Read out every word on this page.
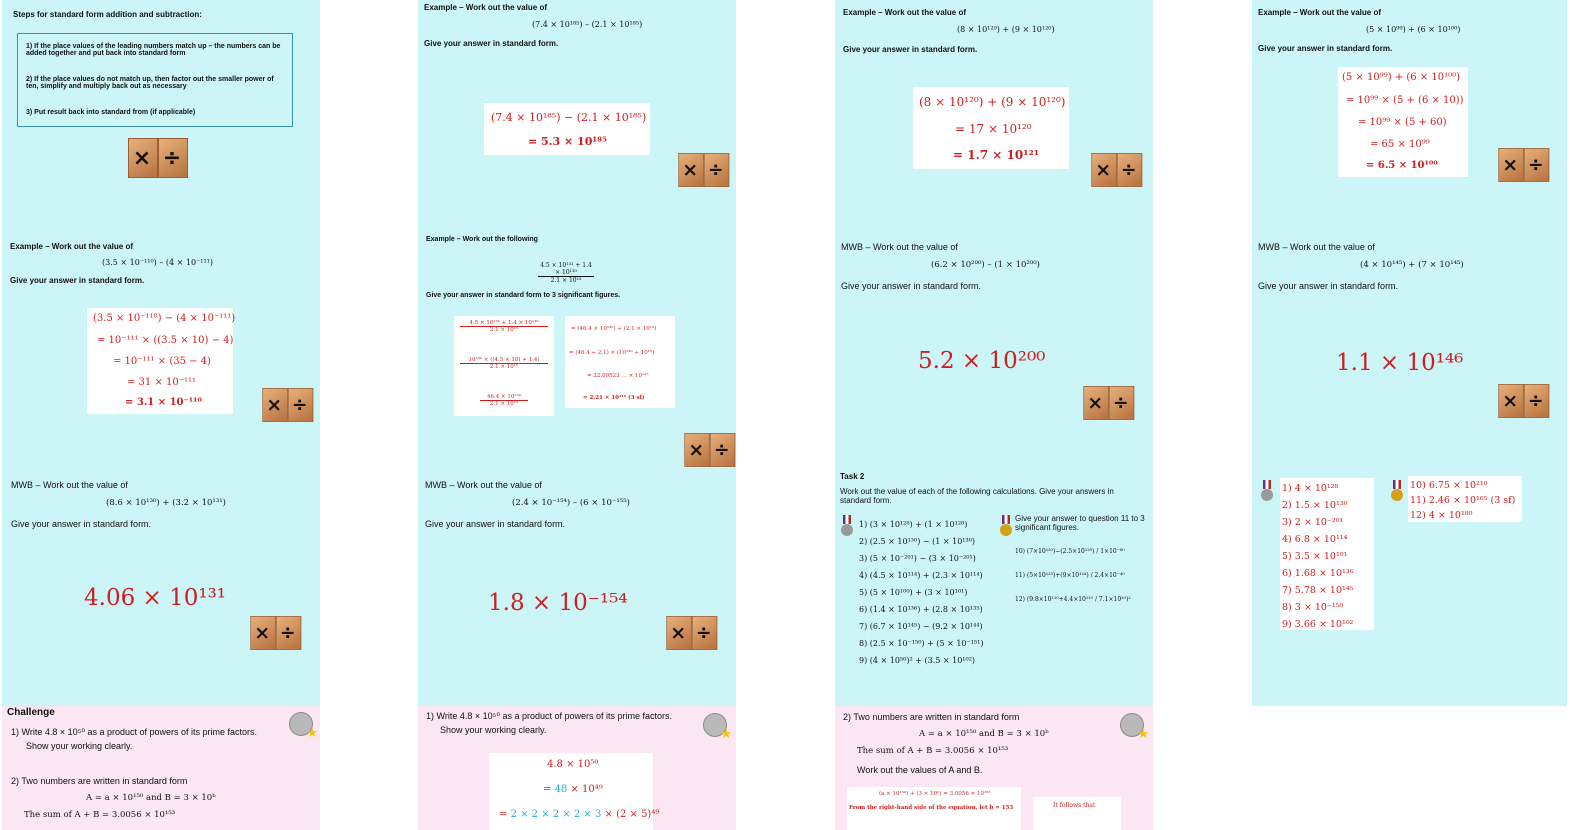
Steps for standard form addition and subtraction:
1) If the place values of the leading numbers match up – the numbers can be added together and put back into standard form
2) If the place values do not match up, then factor out the smaller power of ten, simplify and multiply back out as necessary
3) Put result back into standard from (if applicable)
× ÷
Example – Work out the value of
(3.5 × 10⁻¹¹⁰) – (4 × 10⁻¹¹¹)
Give your answer in standard form.
(3.5 × 10⁻¹¹⁰) − (4 × 10⁻¹¹¹)
= 10⁻¹¹¹ × ((3.5 × 10) − 4)
= 10⁻¹¹¹ × (35 − 4)
= 31 × 10⁻¹¹¹
= 3.1 × 10⁻¹¹⁰	× ÷
MWB – Work out the value of
(8.6 × 10¹³⁰) + (3.2 × 10¹³¹)
Give your answer in standard form.
4.06 × 10¹³¹
× ÷
Challenge
★
1) Write 4.8 × 10⁵⁰ as a product of powers of its prime factors.
Show your working clearly.
2) Two numbers are written in standard form
A = a × 10¹⁵⁰ and B = 3 × 10ᵇ
The sum of A + B = 3.0056 × 10¹⁵³
Example – Work out the value of
(7.4 × 10¹⁸⁵) – (2.1 × 10¹⁸⁵)
Give your answer in standard form.
(7.4 × 10¹⁸⁵) − (2.1 × 10¹⁸⁵)
= 5.3 × 10¹⁸⁵
× ÷
Example – Work out the following
$\frac{\text{4.5 × 10¹³¹ + 1.4 × 10¹³⁰}}{\text{2.1 × 10¹⁵}}$
Give your answer in standard form to 3 significant figures.
4.5 × 10¹³¹ + 1.4 × 10¹³⁰
2.1 × 10¹⁵
10¹³⁰ × ((4.5 × 10) + 1.4)
2.1 × 10¹⁵
46.4 × 10¹³⁰
2.1 × 10¹⁵
= (46.4 × 10¹³⁰) ÷ (2.1 × 10¹⁵)
= (46.4 ÷ 2.1) × (10¹³⁰ ÷ 10¹⁵)
= 22.09523 … × 10¹¹⁵
= 2.21 × 10¹¹⁶ (3 sf)
× ÷
MWB – Work out the value of
(2.4 × 10⁻¹⁵⁴) – (6 × 10⁻¹⁵⁵)
Give your answer in standard form.
1.8 × 10⁻¹⁵⁴
× ÷
★
1) Write 4.8 × 10⁵⁰ as a product of powers of its prime factors.
Show your working clearly.
4.8 × 10⁵⁰
= 48 × 10⁴⁹
= 2 × 2 × 2 × 2 × 3 × (2 × 5)⁴⁹
Example – Work out the value of
(8 × 10¹²⁰) + (9 × 10¹²⁰)
Give your answer in standard form.
(8 × 10¹²⁰) + (9 × 10¹²⁰)
= 17 × 10¹²⁰
= 1.7 × 10¹²¹
× ÷
MWB – Work out the value of
(6.2 × 10²⁰⁰) – (1 × 10²⁰⁰)
Give your answer in standard form.
5.2 × 10²⁰⁰
× ÷
Task 2
Work out the value of each of the following calculations. Give your answers in standard form.
1) (3 × 10¹²⁸) + (1 × 10¹²⁸)
2) (2.5 × 10¹³⁰) − (1 × 10¹³⁰)
3) (5 × 10⁻²⁰¹) − (3 × 10⁻²⁰¹)
4) (4.5 × 10¹¹⁴) + (2.3 × 10¹¹⁴)
5) (5 × 10¹⁰⁰) + (3 × 10¹⁰¹)
6) (1.4 × 10¹³⁶) + (2.8 × 10¹³⁵)
7) (6.7 × 10¹⁴⁵) − (9.2 × 10¹⁴⁴)
8) (2.5 × 10⁻¹⁵⁰) + (5 × 10⁻¹⁵¹)
9) (4 × 10⁵⁰)² + (3.5 × 10¹⁰²)
Give your answer to question 11 to 3 significant figures.
10) (7×10¹³⁰)−(2.5×10¹²⁹) / 1×10⁻⁸⁰
11) (5×10¹²³)+(9×10¹²⁴) / 2.4×10⁻⁴⁰
12) (9.8×10¹¹⁰+4.4×10¹¹⁰ / 7.1×10²⁰)²
★
2) Two numbers are written in standard form
A = a × 10¹⁵⁰ and B = 3 × 10ᵇ
The sum of A + B = 3.0056 × 10¹⁵³
Work out the values of A and B.
(a × 10¹⁵⁰) + (3 × 10ᵇ) = 3.0056 × 10¹⁵³
From the right-hand side of the equation, let b = 153	It follows that
Example – Work out the value of
(5 × 10⁹⁹) + (6 × 10¹⁰⁰)
Give your answer in standard form.
(5 × 10⁹⁹) + (6 × 10¹⁰⁰)
= 10⁹⁹ × (5 + (6 × 10))
= 10⁹⁹ × (5 + 60)
= 65 × 10⁹⁹
= 6.5 × 10¹⁰⁰	× ÷
MWB – Work out the value of
(4 × 10¹⁴⁵) + (7 × 10¹⁴⁵)
Give your answer in standard form.
1.1 × 10¹⁴⁶
× ÷
1) 4 × 10¹²⁸
2) 1.5 × 10¹³⁰
3) 2 × 10⁻²⁰¹
4) 6.8 × 10¹¹⁴
5) 3.5 × 10¹⁰¹
6) 1.68 × 10¹³⁶
7) 5.78 × 10¹⁴⁵
8) 3 × 10⁻¹⁵⁰
9) 3.66 × 10¹⁰²
10) 6.75 × 10²¹⁰
11) 2.46 × 10¹⁶⁵ (3 sf)
12) 4 × 10¹⁸⁰
